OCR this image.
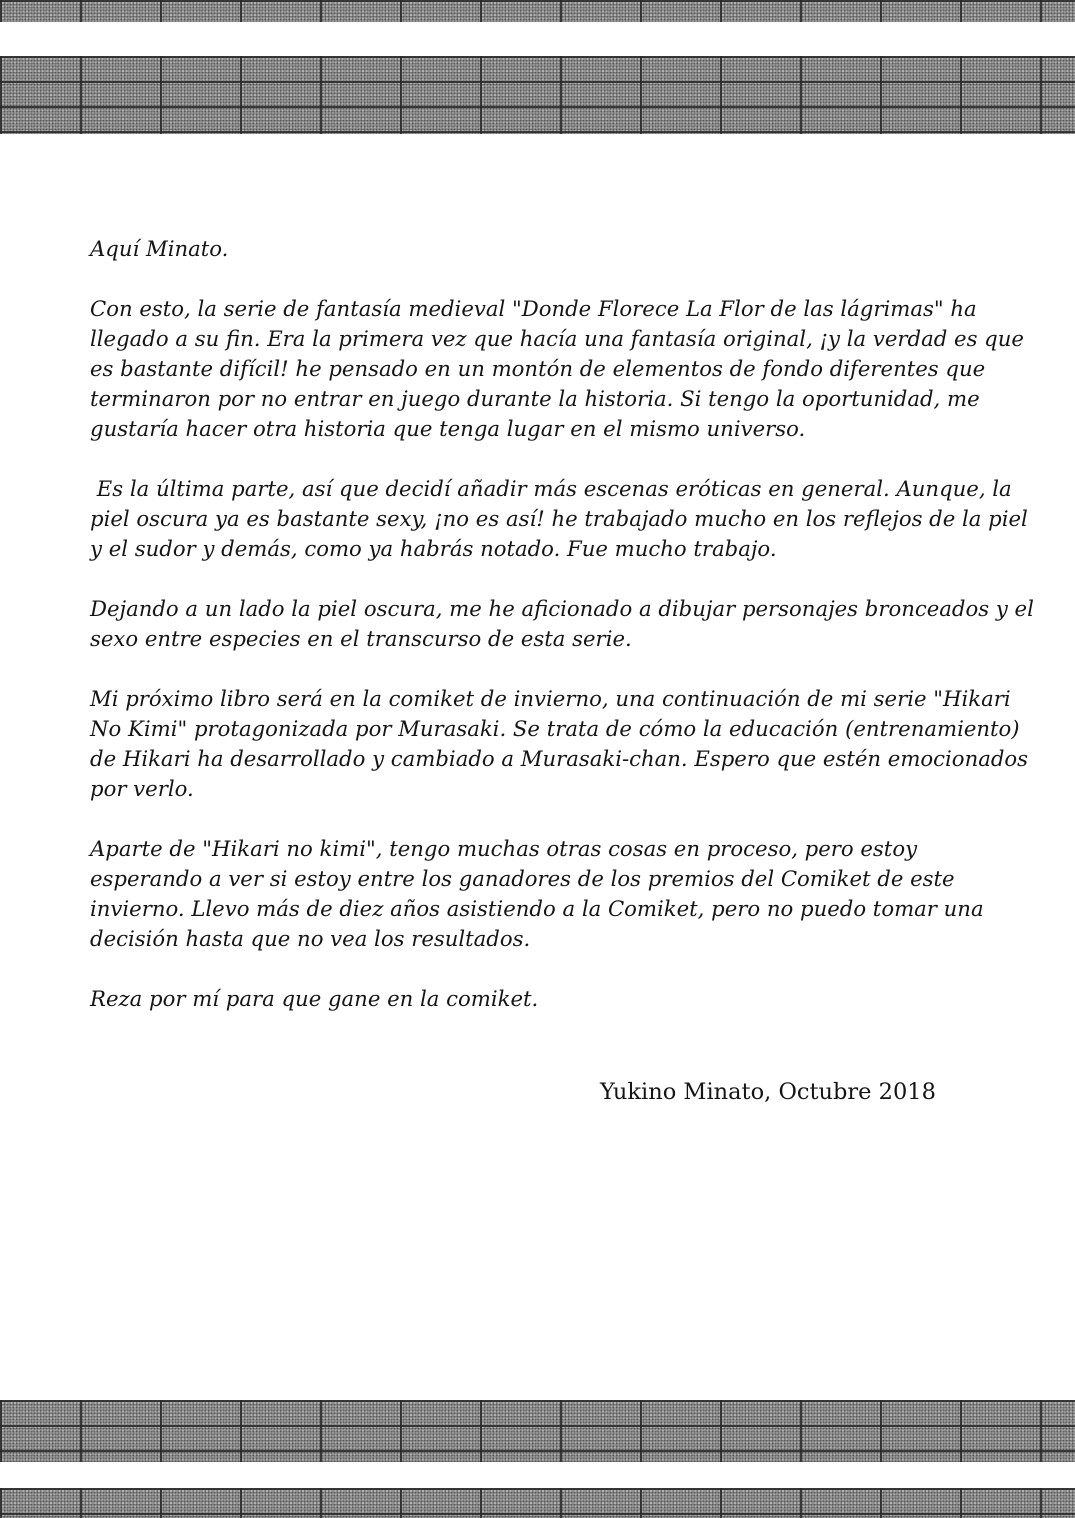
Aquí Minato.

Con esto, la serie de fantasía medieval "Donde Florece La Flor de las lágrimas" ha llegado a su fin. Era la primera vez que hacía una fantasía original, ¡y la verdad es que es bastante difícil! he pensado en un montón de elementos de fondo diferentes que terminaron por no entrar en juego durante la historia. Si tengo la oportunidad, me gustaría hacer otra historia que tenga lugar en el mismo universo.

Es la última parte, así que decidí añadir más escenas eróticas en general. Aunque, la piel oscura ya es bastante sexy, ¡no es así! he trabajado mucho en los reflejos de la piel y el sudor y demás, como ya habrás notado. Fue mucho trabajo.

Dejando a un lado la piel oscura, me he aficionado a dibujar personajes bronceados y el sexo entre especies en el transcurso de esta serie.

Mi próximo libro será en la comiket de invierno, una continuación de mi serie "Hikari No Kimi" protagonizada por Murasaki. Se trata de cómo la educación (entrenamiento) de Hikari ha desarrollado y cambiado a Murasaki-chan. Espero que estén emocionados por verlo.

Aparte de "Hikari no kimi", tengo muchas otras cosas en proceso, pero estoy esperando a ver si estoy entre los ganadores de los premios del Comiket de este invierno. Llevo más de diez años asistiendo a la Comiket, pero no puedo tomar una decisión hasta que no vea los resultados.

Reza por mí para que gane en la comiket.

Yukino Minato, Octubre 2018
